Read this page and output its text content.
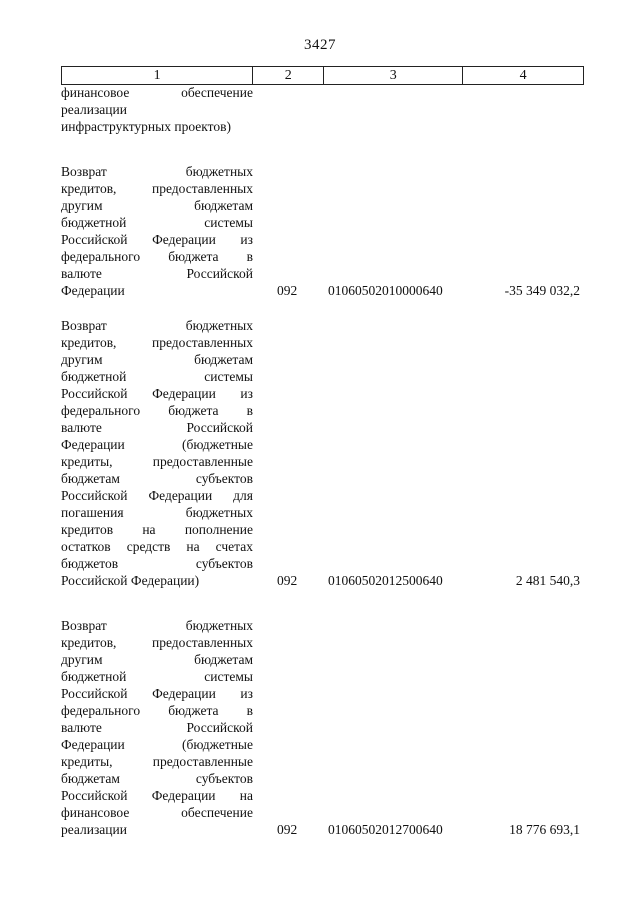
3427
1	2	3	4
финансовое	обеспечение
реализации
инфраструктурных проектов)
Возврат	бюджетных
кредитов,	предоставленных
другим	бюджетам
бюджетной	системы
Российской Федерации из
федерального бюджета в
валюте	Российской
Федерации	092 01060502010000640	-35 349 032,2
Возврат	бюджетных
кредитов,	предоставленных
другим	бюджетам
бюджетной	системы
Российской Федерации из
федерального бюджета в
валюте	Российской
Федерации	(бюджетные
кредиты,	предоставленные
бюджетам	субъектов
Российской Федерации для
погашения	бюджетных
кредитов на пополнение
остатков средств на счетах
бюджетов	субъектов
Российской Федерации)	092 01060502012500640	2 481 540,3
Возврат	бюджетных
кредитов,	предоставленных
другим	бюджетам
бюджетной	системы
Российской Федерации из
федерального бюджета в
валюте	Российской
Федерации	(бюджетные
кредиты,	предоставленные
бюджетам	субъектов
Российской Федерации на
финансовое	обеспечение
реализации	092 01060502012700640	18 776 693,1
